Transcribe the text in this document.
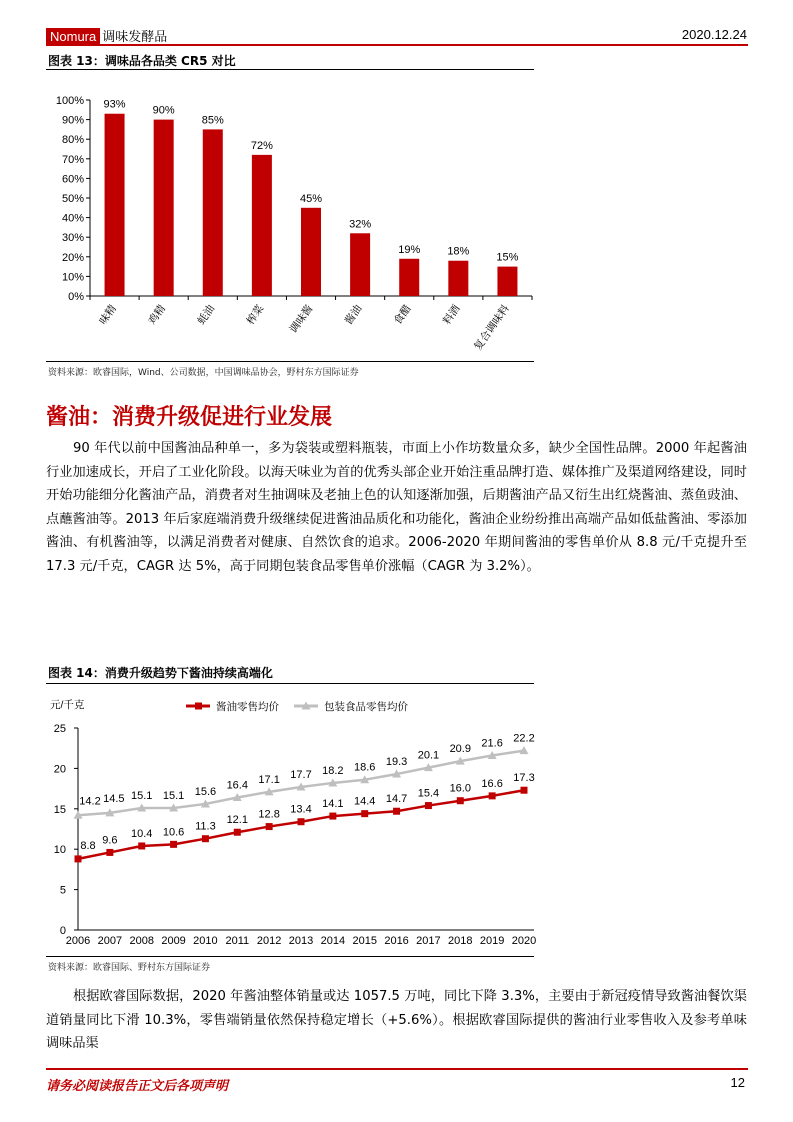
Nomura 调味发酵品	2020.12.24
图表 13：调味品各品类 CR5 对比
0%
10%
20%
30%
40%
50%
60%
70%
80%
90%
100% 93%
味精
90%
鸡精
85%
蚝油
72%
榨菜
45%
调味酱
32%
酱油
19%
食醋
18%
料酒
15%
复合调味料
资料来源：欧睿国际，Wind、公司数据，中国调味品协会，野村东方国际证券
酱油：消费升级促进行业发展

90 年代以前中国酱油品种单一，多为袋装或塑料瓶装，市面上小作坊数量众多，缺少全国性品牌。2000 年起酱油行业加速成长，开启了工业化阶段。以海天味业为首的优秀头部企业开始注重品牌打造、媒体推广及渠道网络建设，同时开始功能细分化酱油产品，消费者对生抽调味及老抽上色的认知逐渐加强，后期酱油产品又衍生出红烧酱油、蒸鱼豉油、点蘸酱油等。2013 年后家庭端消费升级继续促进酱油品质化和功能化，酱油企业纷纷推出高端产品如低盐酱油、零添加酱油、有机酱油等，以满足消费者对健康、自然饮食的追求。2006-2020 年期间酱油的零售单价从 8.8 元/千克提升至 17.3 元/千克，CAGR 达 5%，高于同期包装食品零售单价涨幅（CAGR 为 3.2%）。

图表 14：消费升级趋势下酱油持续高端化
元/千克
0
5
10
15
20
25
2006 2007 2008 2009 2010 2011 2012 2013 2014 2015 2016 2017 2018 2019 2020
酱油零售均价	包装食品零售均价
8.8 9.6
10.4 10.6 11.3
12.1 12.8 13.4 14.1 14.4 14.7 15.4 16.0 16.6 17.3
14.2 14.5 15.1 15.1 15.6
16.4 17.1 17.7 18.2 18.6 19.3
20.1
20.9 21.6 22.2
资料来源：欧睿国际、野村东方国际证券

根据欧睿国际数据，2020 年酱油整体销量或达 1057.5 万吨，同比下降 3.3%，主要由于新冠疫情导致酱油餐饮渠道销量同比下滑 10.3%，零售端销量依然保持稳定增长（+5.6%）。根据欧睿国际提供的酱油行业零售收入及参考单味调味品渠

请务必阅读报告正文后各项声明	12
